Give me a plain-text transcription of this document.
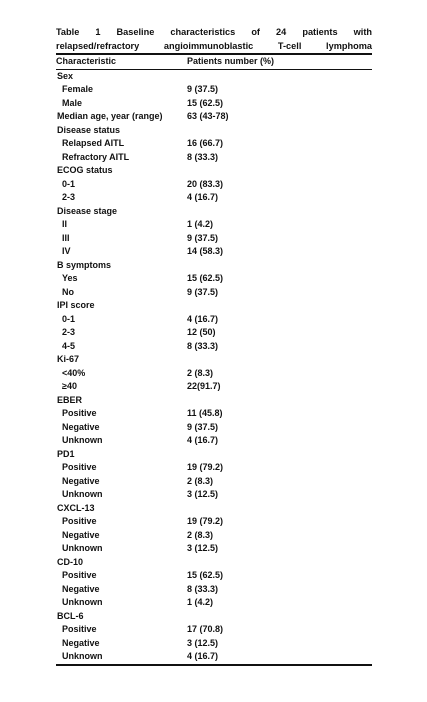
Table 1 Baseline characteristics of 24 patients with
relapsed/refractory angioimmunoblastic T-cell lymphoma
Characteristic	Patients number (%)
Sex	
Female	9 (37.5)
Male	15 (62.5)
Median age, year (range)	63 (43-78)
Disease status	
Relapsed AITL	16 (66.7)
Refractory AITL	8 (33.3)
ECOG status	
0-1	20 (83.3)
2-3	4 (16.7)
Disease stage	
II	1 (4.2)
III	9 (37.5)
IV	14 (58.3)
B symptoms	
Yes	15 (62.5)
No	9 (37.5)
IPI score	
0-1	4 (16.7)
2-3	12 (50)
4-5	8 (33.3)
Ki-67	
<40%	2 (8.3)
≥40	22(91.7)
EBER	
Positive	11 (45.8)
Negative	9 (37.5)
Unknown	4 (16.7)
PD1	
Positive	19 (79.2)
Negative	2 (8.3)
Unknown	3 (12.5)
CXCL-13	
Positive	19 (79.2)
Negative	2 (8.3)
Unknown	3 (12.5)
CD-10	
Positive	15 (62.5)
Negative	8 (33.3)
Unknown	1 (4.2)
BCL-6	
Positive	17 (70.8)
Negative	3 (12.5)
Unknown	4 (16.7)
